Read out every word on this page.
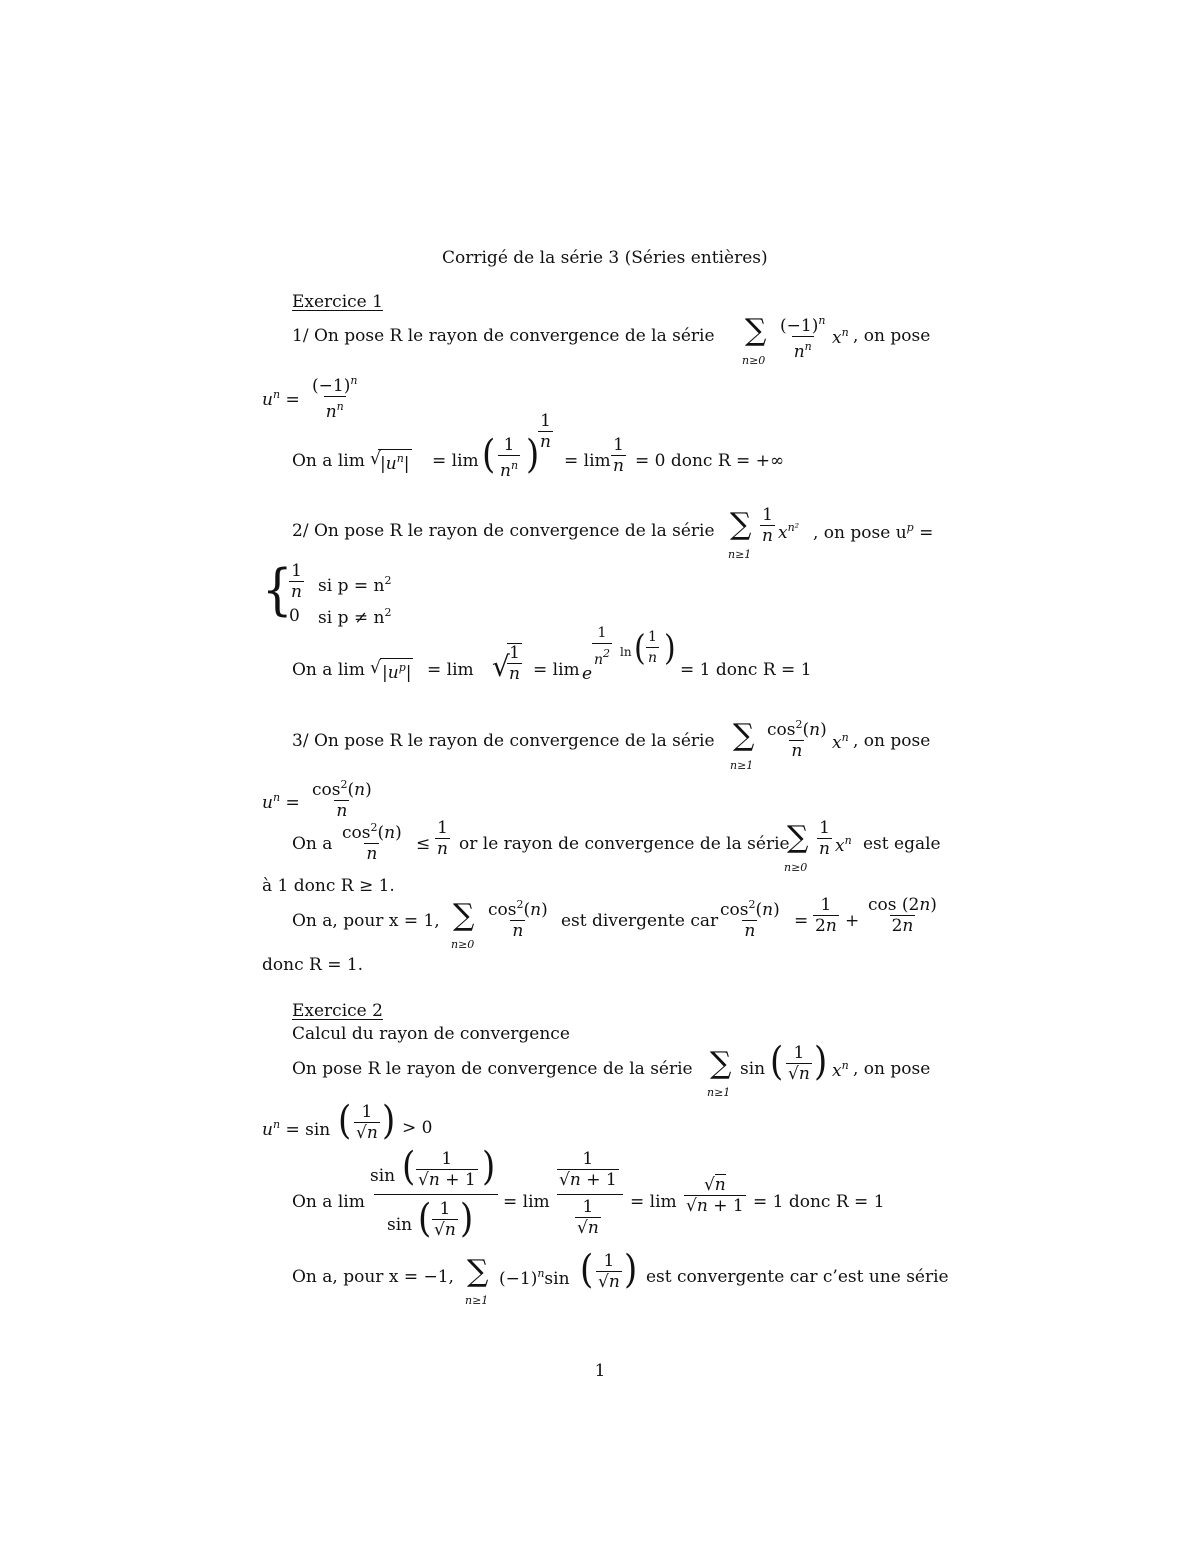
Corrigé de la série 3 (Séries entières)
Exercice 1
1/ On pose R le rayon de convergence de la série ∑
$n\ge 0 \frac{(-1)^n}{n^n} x^n$ , on pose
$u^n = \frac{(-1)^n}{n^n}$
On a $\lim |u^n|$
√	= lim ( $\frac{1}{n^n}$ )
$\frac{1}{n}$
= $\lim \frac{1}{n} = 0$ donc R = +∞
2/ On pose R le rayon de convergence de la série ∑
n≥1
$\frac{1}{n} x^{n^2}$ , on pose $u^p$ =
{
$\frac{1}{n}$ si $p = n^2$
0 si $p \ne n^2$
On a lim √ $|u^p| = \lim$ √
$\frac{1}{n} = \lim e$
$\frac{1}{n^2}$ ln ( $\frac{1}{n}$ )
= 1 donc R = 1
3/ On pose R le rayon de convergence de la série ∑
n≥1
$\frac{\cos^2(n)}{n} x^n$ , on pose
$u^n = \frac{\cos^2(n)}{n}$
On a $\frac{\cos^2(n)}{n} \le \frac{1}{n}$ or le rayon de convergence de la série
∑
n≥0
$\frac{1}{n} x^n$ est egale
à 1 donc R ≥ 1.
On a, pour x = 1, ∑
n≥0
$\frac{\cos^2(n)}{n}$ est divergente car $\frac{\cos^2(n)}{n} = \frac{1}{2n} + \frac{\cos (2n)}{2n}$
donc R = 1.
Exercice 2
Calcul du rayon de convergence
On pose R le rayon de convergence de la série ∑
n≥1
sin ( $\frac{1}{√n}$ ) $x^n$ , on pose
$u^n = \sin$ ( $\frac{1}{√n}$ ) > 0
On a lim
sin ( $\frac{1}{√n + 1}$ )
sin ( $\frac{1}{√n}$ ) = lim
$\frac{1}{√n + 1}$
$\frac{1}{√n} = \lim \frac{√n}{√n + 1} = 1$ donc R = 1
On a, pour x = −1, ∑
n≥1
$(-1)^n\sin$ ( $\frac{1}{√n}$ ) est convergente car c’est une série
1
